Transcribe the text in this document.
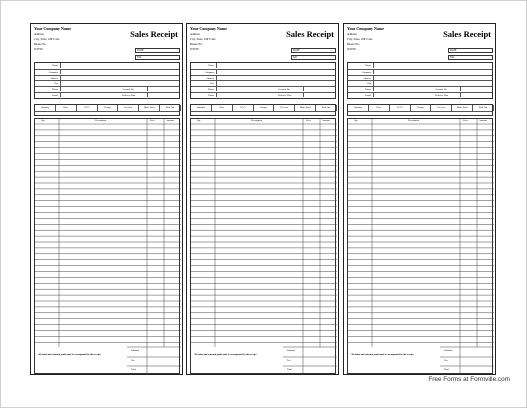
Your Company Name
Address
City, State, ZIP Code
Phone No.
WWW:
Sales Receipt
DATE
NO.
Name
Company
Address
City
Phone	Account No.
Email	Delivery Date
Quantity	Date	CC/O	Charge	On Acct	Mdse Retd	Paid Out
Qty	Description	Price	Amount
All claims and returned goods must be accompanied by this receipt
Subtotal
Tax
Total
Your Company Name
Address
City, State, ZIP Code
Phone No.
WWW:
Sales Receipt
DATE
NO.
Name
Company
Address
City
Phone	Account No.
Email	Delivery Date
Quantity	Date	CC/O	Charge	On Acct	Mdse Retd	Paid Out
Qty	Description	Price	Amount
All claims and returned goods must be accompanied by this receipt
Subtotal
Tax
Total
Your Company Name
Address
City, State, ZIP Code
Phone No.
WWW:
Sales Receipt
DATE
NO.
Name
Company
Address
City
Phone	Account No.
Email	Delivery Date
Quantity	Date	CC/O	Charge	On Acct	Mdse Retd	Paid Out
Qty	Description	Price	Amount
All claims and returned goods must be accompanied by this receipt
Subtotal
Tax
Total
Free Forms at Formville.com
